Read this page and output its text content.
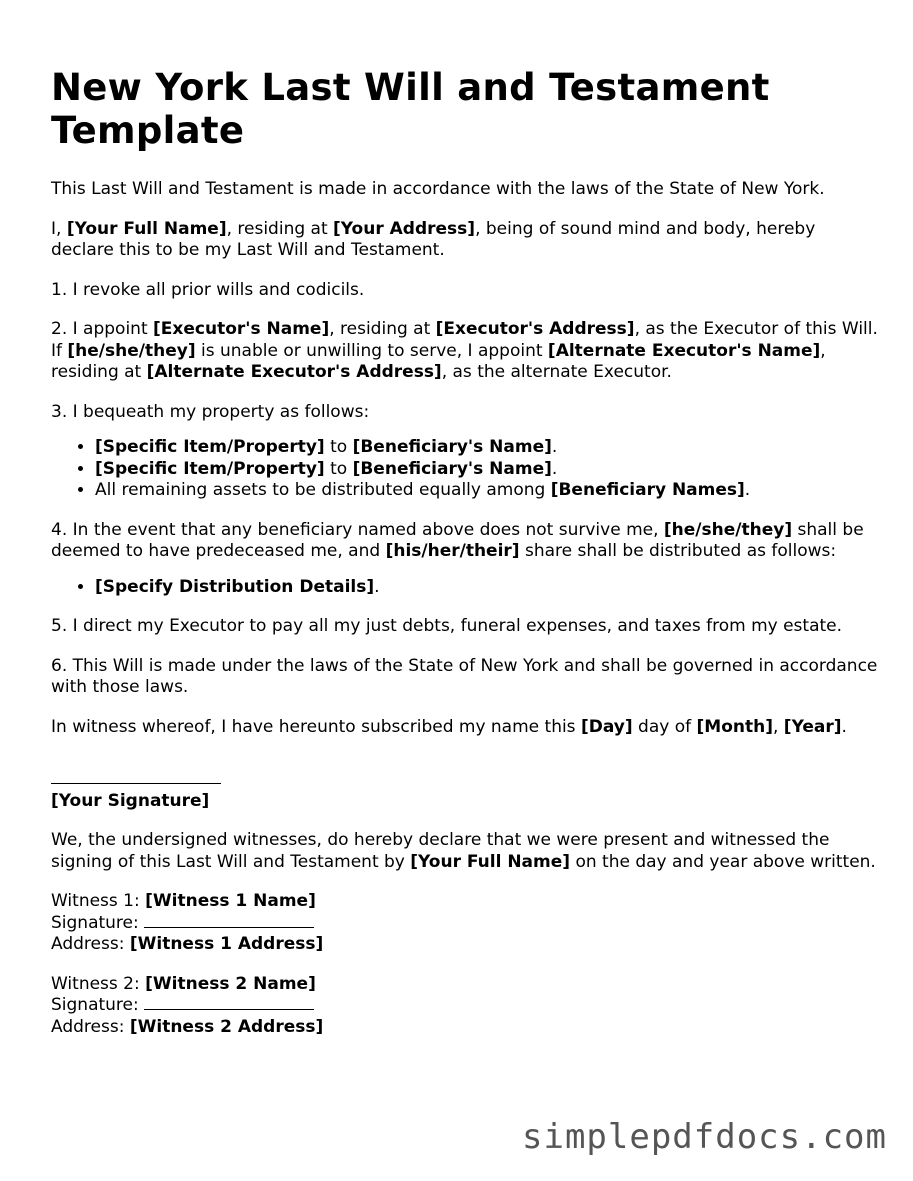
New York Last Will and Testament Template

This Last Will and Testament is made in accordance with the laws of the State of New York.

I, [Your Full Name], residing at [Your Address], being of sound mind and body, hereby declare this to be my Last Will and Testament.

1. I revoke all prior wills and codicils.

2. I appoint [Executor's Name], residing at [Executor's Address], as the Executor of this Will. If [he/she/they] is unable or unwilling to serve, I appoint [Alternate Executor's Name], residing at [Alternate Executor's Address], as the alternate Executor.

3. I bequeath my property as follows:

• [Specific Item/Property] to [Beneficiary's Name].
• [Specific Item/Property] to [Beneficiary's Name].
• All remaining assets to be distributed equally among [Beneficiary Names].

4. In the event that any beneficiary named above does not survive me, [he/she/they] shall be deemed to have predeceased me, and [his/her/their] share shall be distributed as follows:

• [Specify Distribution Details].

5. I direct my Executor to pay all my just debts, funeral expenses, and taxes from my estate.

6. This Will is made under the laws of the State of New York and shall be governed in accordance with those laws.

In witness whereof, I have hereunto subscribed my name this [Day] day of [Month], [Year].

[Your Signature]

We, the undersigned witnesses, do hereby declare that we were present and witnessed the signing of this Last Will and Testament by [Your Full Name] on the day and year above written.

Witness 1: [Witness 1 Name]
Signature:
Address: [Witness 1 Address]

Witness 2: [Witness 2 Name]
Signature:
Address: [Witness 2 Address]

simplepdfdocs.com
